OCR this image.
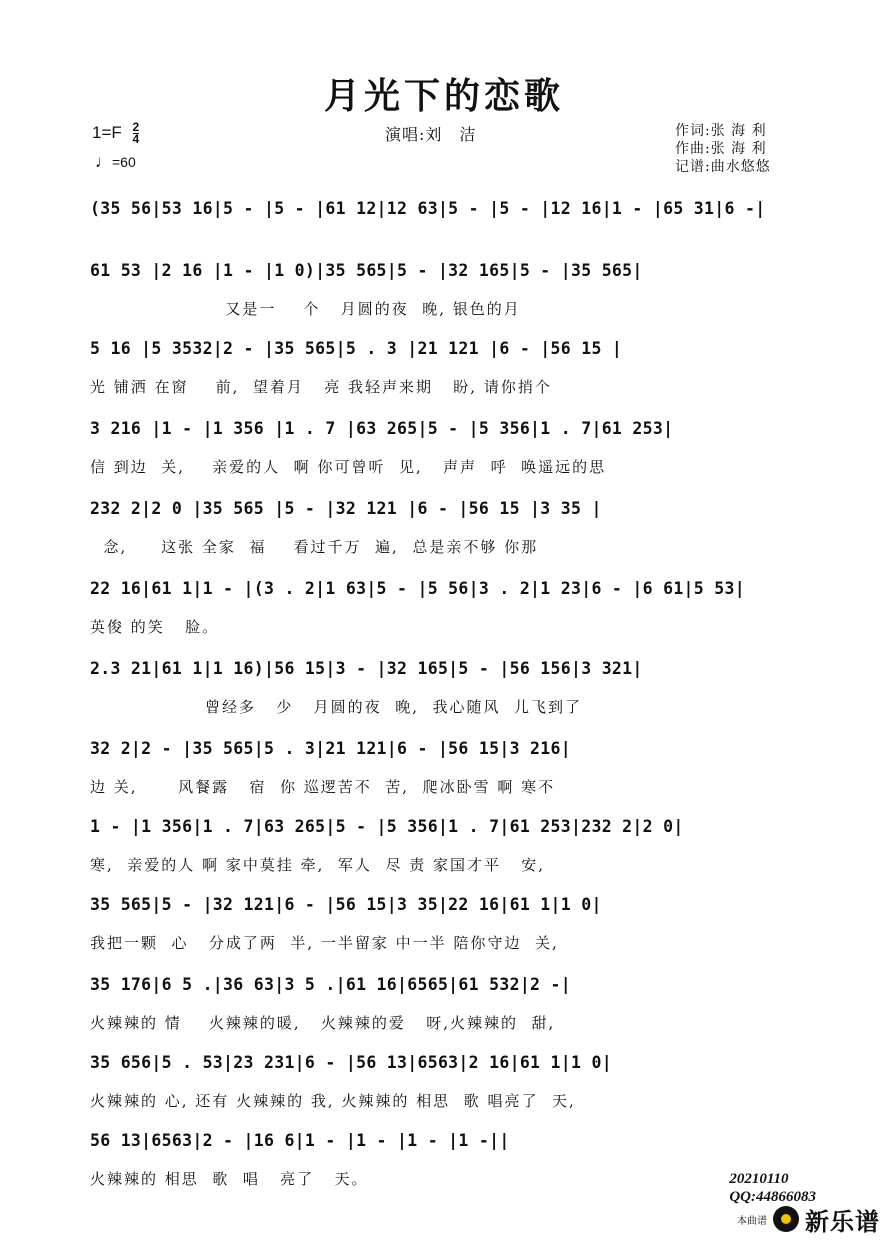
月光下的恋歌
$1=F \frac{2}{4}$
♩=60
演唱:刘　洁	作词:张 海 利
作曲:张 海 利
记谱:曲水悠悠
(35 56|53 16|5 - |5 - |61 12|12 63|5 - |5 - |12 16|1 - |65 31|6 -|
61 53 |2 16 |1 - |1 0)|35 565|5 - |32 165|5 - |35 565|
又是一    个   月圆的夜  晚, 银色的月
5 16 |5 3532|2 - |35 565|5 . 3 |21 121 |6 - |56 15 |
光 铺洒 在窗    前,  望着月   亮 我轻声来期   盼, 请你捎个
3 216 |1 - |1 356 |1 . 7 |63 265|5 - |5 356|1 . 7|61 253|
信 到边  关,    亲爱的人  啊 你可曾听  见,   声声  呼  唤遥远的思
232 2|2 0 |35 565 |5 - |32 121 |6 - |56 15 |3 35 |
念,     这张 全家  福    看过千万  遍,  总是亲不够 你那
22 16|61 1|1 - |(3 . 2|1 63|5 - |5 56|3 . 2|1 23|6 - |6 61|5 53|
英俊 的笑   脸。
2.3 21|61 1|1 16)|56 15|3 - |32 165|5 - |56 156|3 321|
曾经多   少   月圆的夜  晚,  我心随风  儿飞到了
32 2|2 - |35 565|5 . 3|21 121|6 - |56 15|3 216|
边 关,      风餐露   宿  你 巡逻苦不  苦,  爬冰卧雪 啊 寒不
1 - |1 356|1 . 7|63 265|5 - |5 356|1 . 7|61 253|232 2|2 0|
寒,  亲爱的人 啊 家中莫挂 牵,  军人  尽 责 家国才平   安,
35 565|5 - |32 121|6 - |56 15|3 35|22 16|61 1|1 0|
我把一颗  心   分成了两  半, 一半留家 中一半 陪你守边  关,
35 176|6 5 .|36 63|3 5 .|61 16|6565|61 532|2 -|
火辣辣的 情    火辣辣的暖,   火辣辣的爱   呀,火辣辣的  甜,
35 656|5 . 53|23 231|6 - |56 13|6563|2 16|61 1|1 0|
火辣辣的 心, 还有 火辣辣的 我, 火辣辣的 相思  歌 唱亮了  天,
56 13|6563|2 - |16 6|1 - |1 - |1 - |1 -||
火辣辣的 相思  歌  唱   亮了   天。	20210110
QQ:44866083
本曲谱 新乐谱
